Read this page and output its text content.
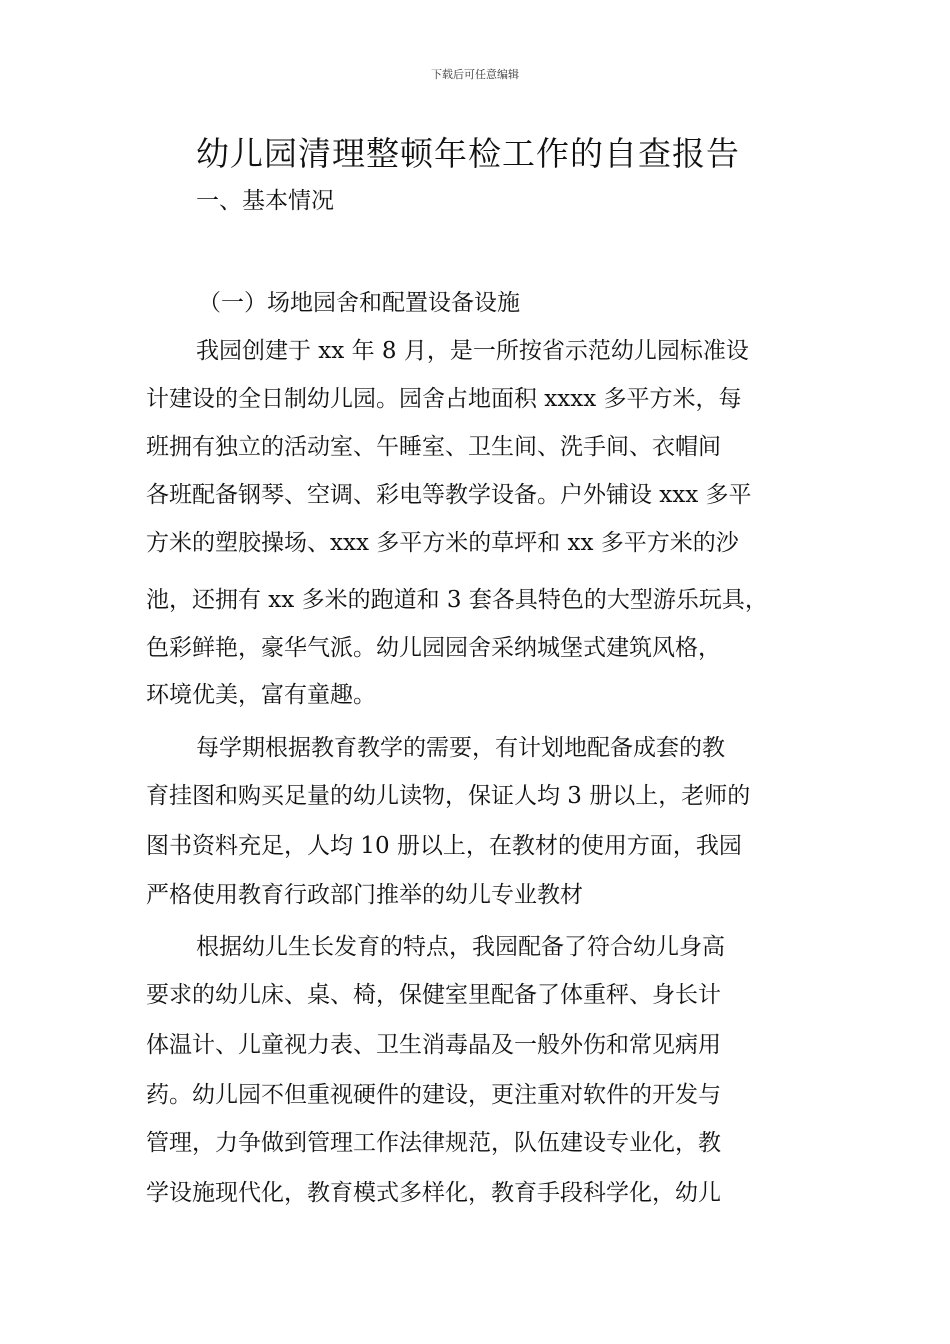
下载后可任意编辑
幼儿园清理整顿年检工作的自查报告
一、基本情况
（一）场地园舍和配置设备设施
我园创建于 xx 年 8 月，是一所按省示范幼儿园标准设
计建设的全日制幼儿园。园舍占地面积 xxxx 多平方米，每
班拥有独立的活动室、午睡室、卫生间、洗手间、衣帽间
各班配备钢琴、空调、彩电等教学设备。户外铺设 xxx 多平
方米的塑胶操场、xxx 多平方米的草坪和 xx 多平方米的沙
池，还拥有 xx 多米的跑道和 3 套各具特色的大型游乐玩具，
色彩鲜艳，豪华气派。幼儿园园舍采纳城堡式建筑风格，
环境优美，富有童趣。
每学期根据教育教学的需要，有计划地配备成套的教
育挂图和购买足量的幼儿读物，保证人均 3 册以上，老师的
图书资料充足，人均 10 册以上，在教材的使用方面，我园
严格使用教育行政部门推举的幼儿专业教材
根据幼儿生长发育的特点，我园配备了符合幼儿身高
要求的幼儿床、桌、椅，保健室里配备了体重秤、身长计
体温计、儿童视力表、卫生消毒晶及一般外伤和常见病用
药。幼儿园不但重视硬件的建设，更注重对软件的开发与
管理，力争做到管理工作法律规范，队伍建设专业化，教
学设施现代化，教育模式多样化，教育手段科学化，幼儿
